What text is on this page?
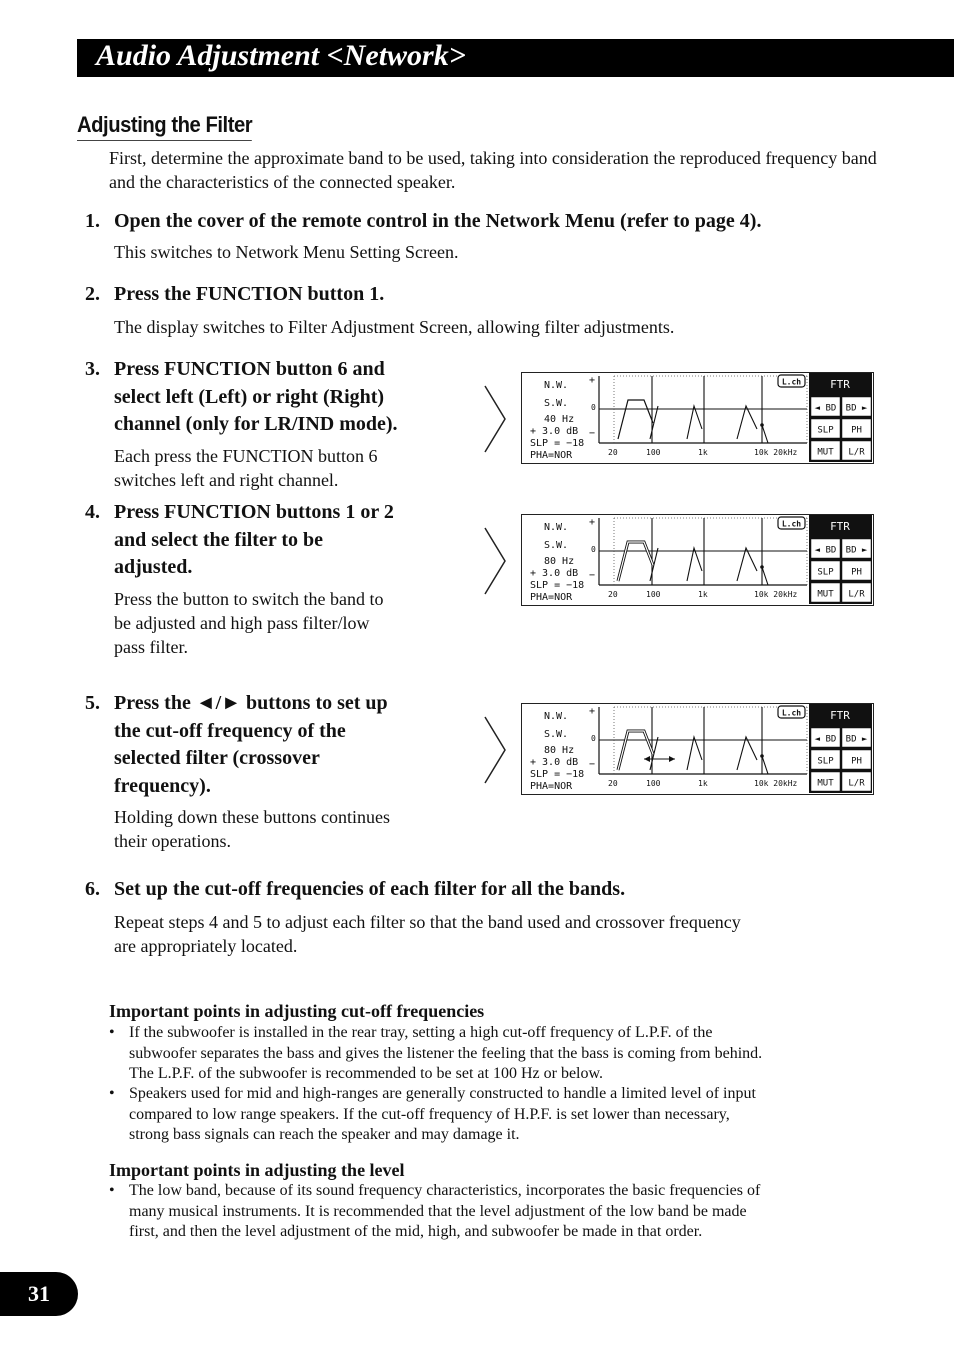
Audio Adjustment <Network>
Adjusting the Filter
First, determine the approximate band to be used, taking into consideration the reproduced frequency band and the characteristics of the connected speaker.
1. Open the cover of the remote control in the Network Menu (refer to page 4).
This switches to Network Menu Setting Screen.
2. Press the FUNCTION button 1.
The display switches to Filter Adjustment Screen, allowing filter adjustments.
3. Press FUNCTION button 6 and
select left (Left) or right (Right)
channel (only for LR/IND mode).
Each press the FUNCTION button 6
switches left and right channel.
4. Press FUNCTION buttons 1 or 2
and select the filter to be
adjusted.
Press the button to switch the band to
be adjusted and high pass filter/low
pass filter.
5. Press the ◄/► buttons to set up
the cut-off frequency of the
selected filter (crossover
frequency).
Holding down these buttons continues
their operations.
6. Set up the cut-off frequencies of each filter for all the bands.
Repeat steps 4 and 5 to adjust each filter so that the band used and crossover frequency
are appropriately located.
N.W.
S.W.
40 Hz
+ 3.0 dB
SLP = −18
PHA=NOR
+
0
−
20	100	1k	10k 20kHz
L.ch	FTR
◄ BD BD ►
SLP PH
MUT L/R
N.W.
S.W.
80 Hz
+ 3.0 dB
SLP = −18
PHA=NOR
+
0
−
20	100	1k	10k 20kHz
L.ch	FTR
◄ BD BD ►
SLP PH
MUT L/R
N.W.
S.W.
80 Hz
+ 3.0 dB
SLP = −18
PHA=NOR
+
0
−
20	100	1k	10k 20kHz
L.ch	FTR
◄ BD BD ►
SLP PH
MUT L/R
Important points in adjusting cut-off frequencies
• If the subwoofer is installed in the rear tray, setting a high cut-off frequency of L.P.F. of the
subwoofer separates the bass and gives the listener the feeling that the bass is coming from behind.
The L.P.F. of the subwoofer is recommended to be set at 100 Hz or below.
• Speakers used for mid and high-ranges are generally constructed to handle a limited level of input
compared to low range speakers. If the cut-off frequency of H.P.F. is set lower than necessary,
strong bass signals can reach the speaker and may damage it.
Important points in adjusting the level
• The low band, because of its sound frequency characteristics, incorporates the basic frequencies of
many musical instruments. It is recommended that the level adjustment of the low band be made
first, and then the level adjustment of the mid, high, and subwoofer be made in that order.
31
